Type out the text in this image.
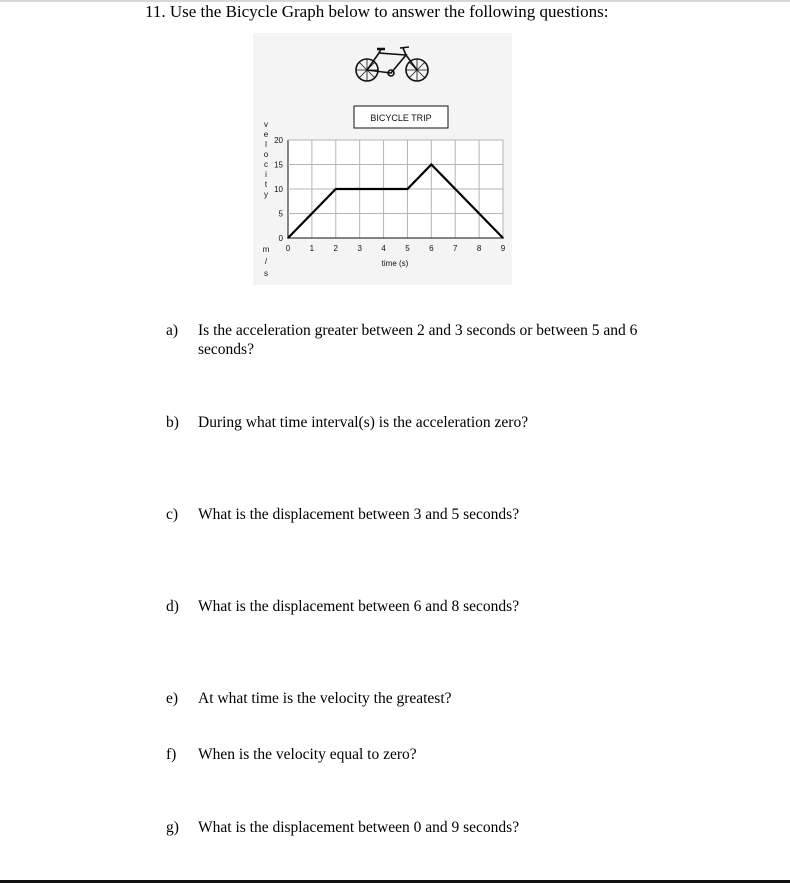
11. Use the Bicycle Graph below to answer the following questions:
BICYCLE TRIP
0 1 2 3 4 5 6 7 8 9
0
5
10
15
20
v
e
l
o
c
i
t
y
m
/
s
time (s)
a) Is the acceleration greater between 2 and 3 seconds or between 5 and 6 seconds?
b) During what time interval(s) is the acceleration zero?
c) What is the displacement between 3 and 5 seconds?
d) What is the displacement between 6 and 8 seconds?
e) At what time is the velocity the greatest?
f) When is the velocity equal to zero?
g) What is the displacement between 0 and 9 seconds?
